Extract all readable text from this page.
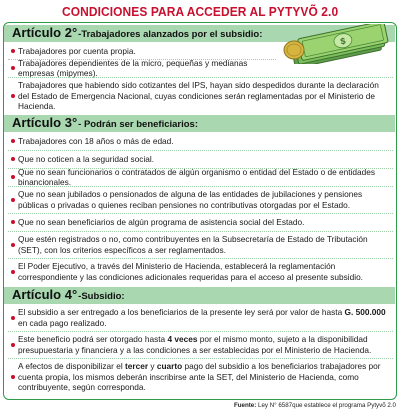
CONDICIONES PARA ACCEDER AL PYTYVÕ 2.0
Artículo 2° -Trabajadores alanzados por el subsidio:
Trabajadores por cuenta propia.
Trabajadores dependientes de la micro, pequeñas y medianas empresas (mipymes).
Trabajadores que habiendo sido cotizantes del IPS, hayan sido despedidos durante la declaración del Estado de Emergencia Nacional, cuyas condiciones serán reglamentadas por el Ministerio de Hacienda.
Artículo 3° - Podrán ser beneficiarios:
Trabajadores con 18 años o más de edad.
Que no coticen a la seguridad social.
Que no sean funcionarios o contratados de algún organismo o entidad del Estado o de entidades binancionales.
Que no sean jubilados o pensionados de alguna de las entidades de jubilaciones y pensiones públicas o privadas o quienes reciban pensiones no contributivas otorgadas por el Estado.
Que no sean beneficiarios de algún programa de asistencia social del Estado.
Que estén registrados o no, como contribuyentes en la Subsecretaría de Estado de Tributación (SET), con los criterios específicos a ser reglamentados.
El Poder Ejecutivo, a través del Ministerio de Hacienda, establecerá la reglamentación correspondiente y las condiciones adicionales requeridas para el acceso al presente subsidio.
Artículo 4° -Subsidio:
El subsidio a ser entregado a los beneficiarios de la presente ley será por valor de hasta G. 500.000 en cada pago realizado.
Este beneficio podrá ser otorgado hasta 4 veces por el mismo monto, sujeto a la disponibilidad presupuestaria y financiera y a las condiciones a ser establecidas por el Ministerio de Hacienda.
A efectos de disponibilizar el tercer y cuarto pago del subsidio a los beneficiarios trabajadores por cuenta propia, los mismos deberán inscribirse ante la SET, del Ministerio de Hacienda, como contribuyente, según corresponda.
$
Fuente: Ley N° 6587que establece el programa Pytyvõ 2.0
